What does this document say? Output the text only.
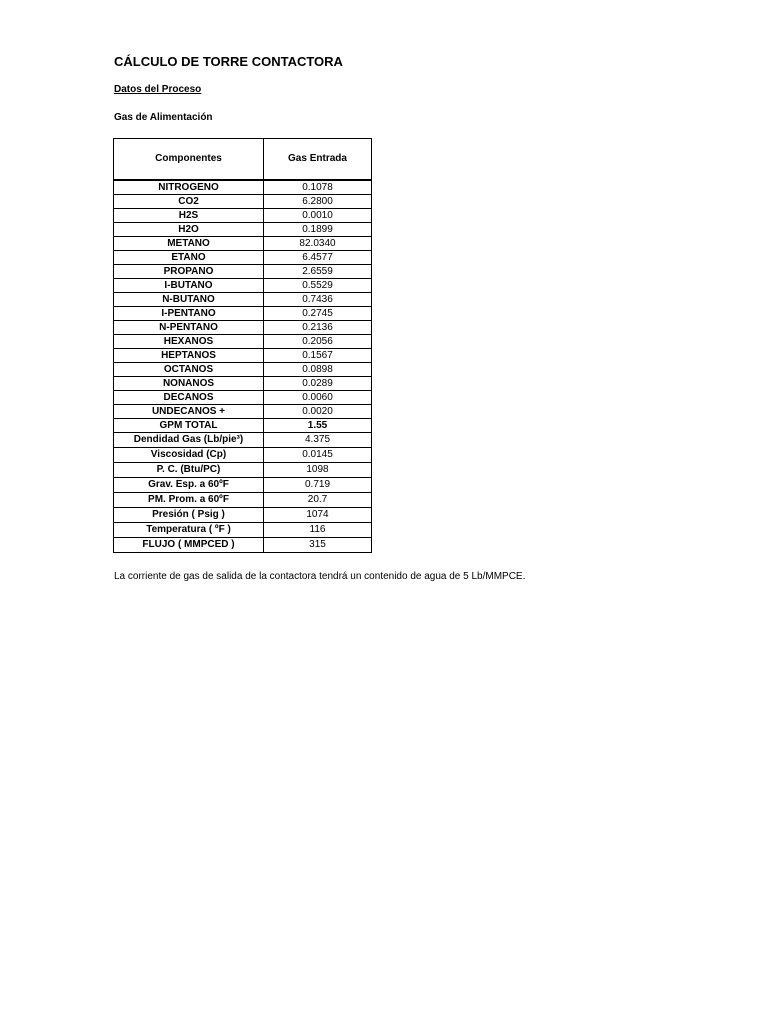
CÁLCULO DE TORRE CONTACTORA
Datos del Proceso
Gas de Alimentación
Componentes	Gas Entrada
NITROGENO	0.1078
CO2	6.2800
H2S	0.0010
H2O	0.1899
METANO	82.0340
ETANO	6.4577
PROPANO	2.6559
I-BUTANO	0.5529
N-BUTANO	0.7436
I-PENTANO	0.2745
N-PENTANO	0.2136
HEXANOS	0.2056
HEPTANOS	0.1567
OCTANOS	0.0898
NONANOS	0.0289
DECANOS	0.0060
UNDECANOS +	0.0020
GPM TOTAL	1.55
Dendidad Gas (Lb/pie³)	4.375
Viscosidad (Cp)	0.0145
P. C. (Btu/PC)	1098
Grav. Esp. a 60ºF	0.719
PM. Prom. a 60ºF	20.7
Presión ( Psig )	1074
Temperatura ( ºF )	116
FLUJO ( MMPCED )	315
La corriente de gas de salida de la contactora tendrá un contenido de agua de 5 Lb/MMPCE.
